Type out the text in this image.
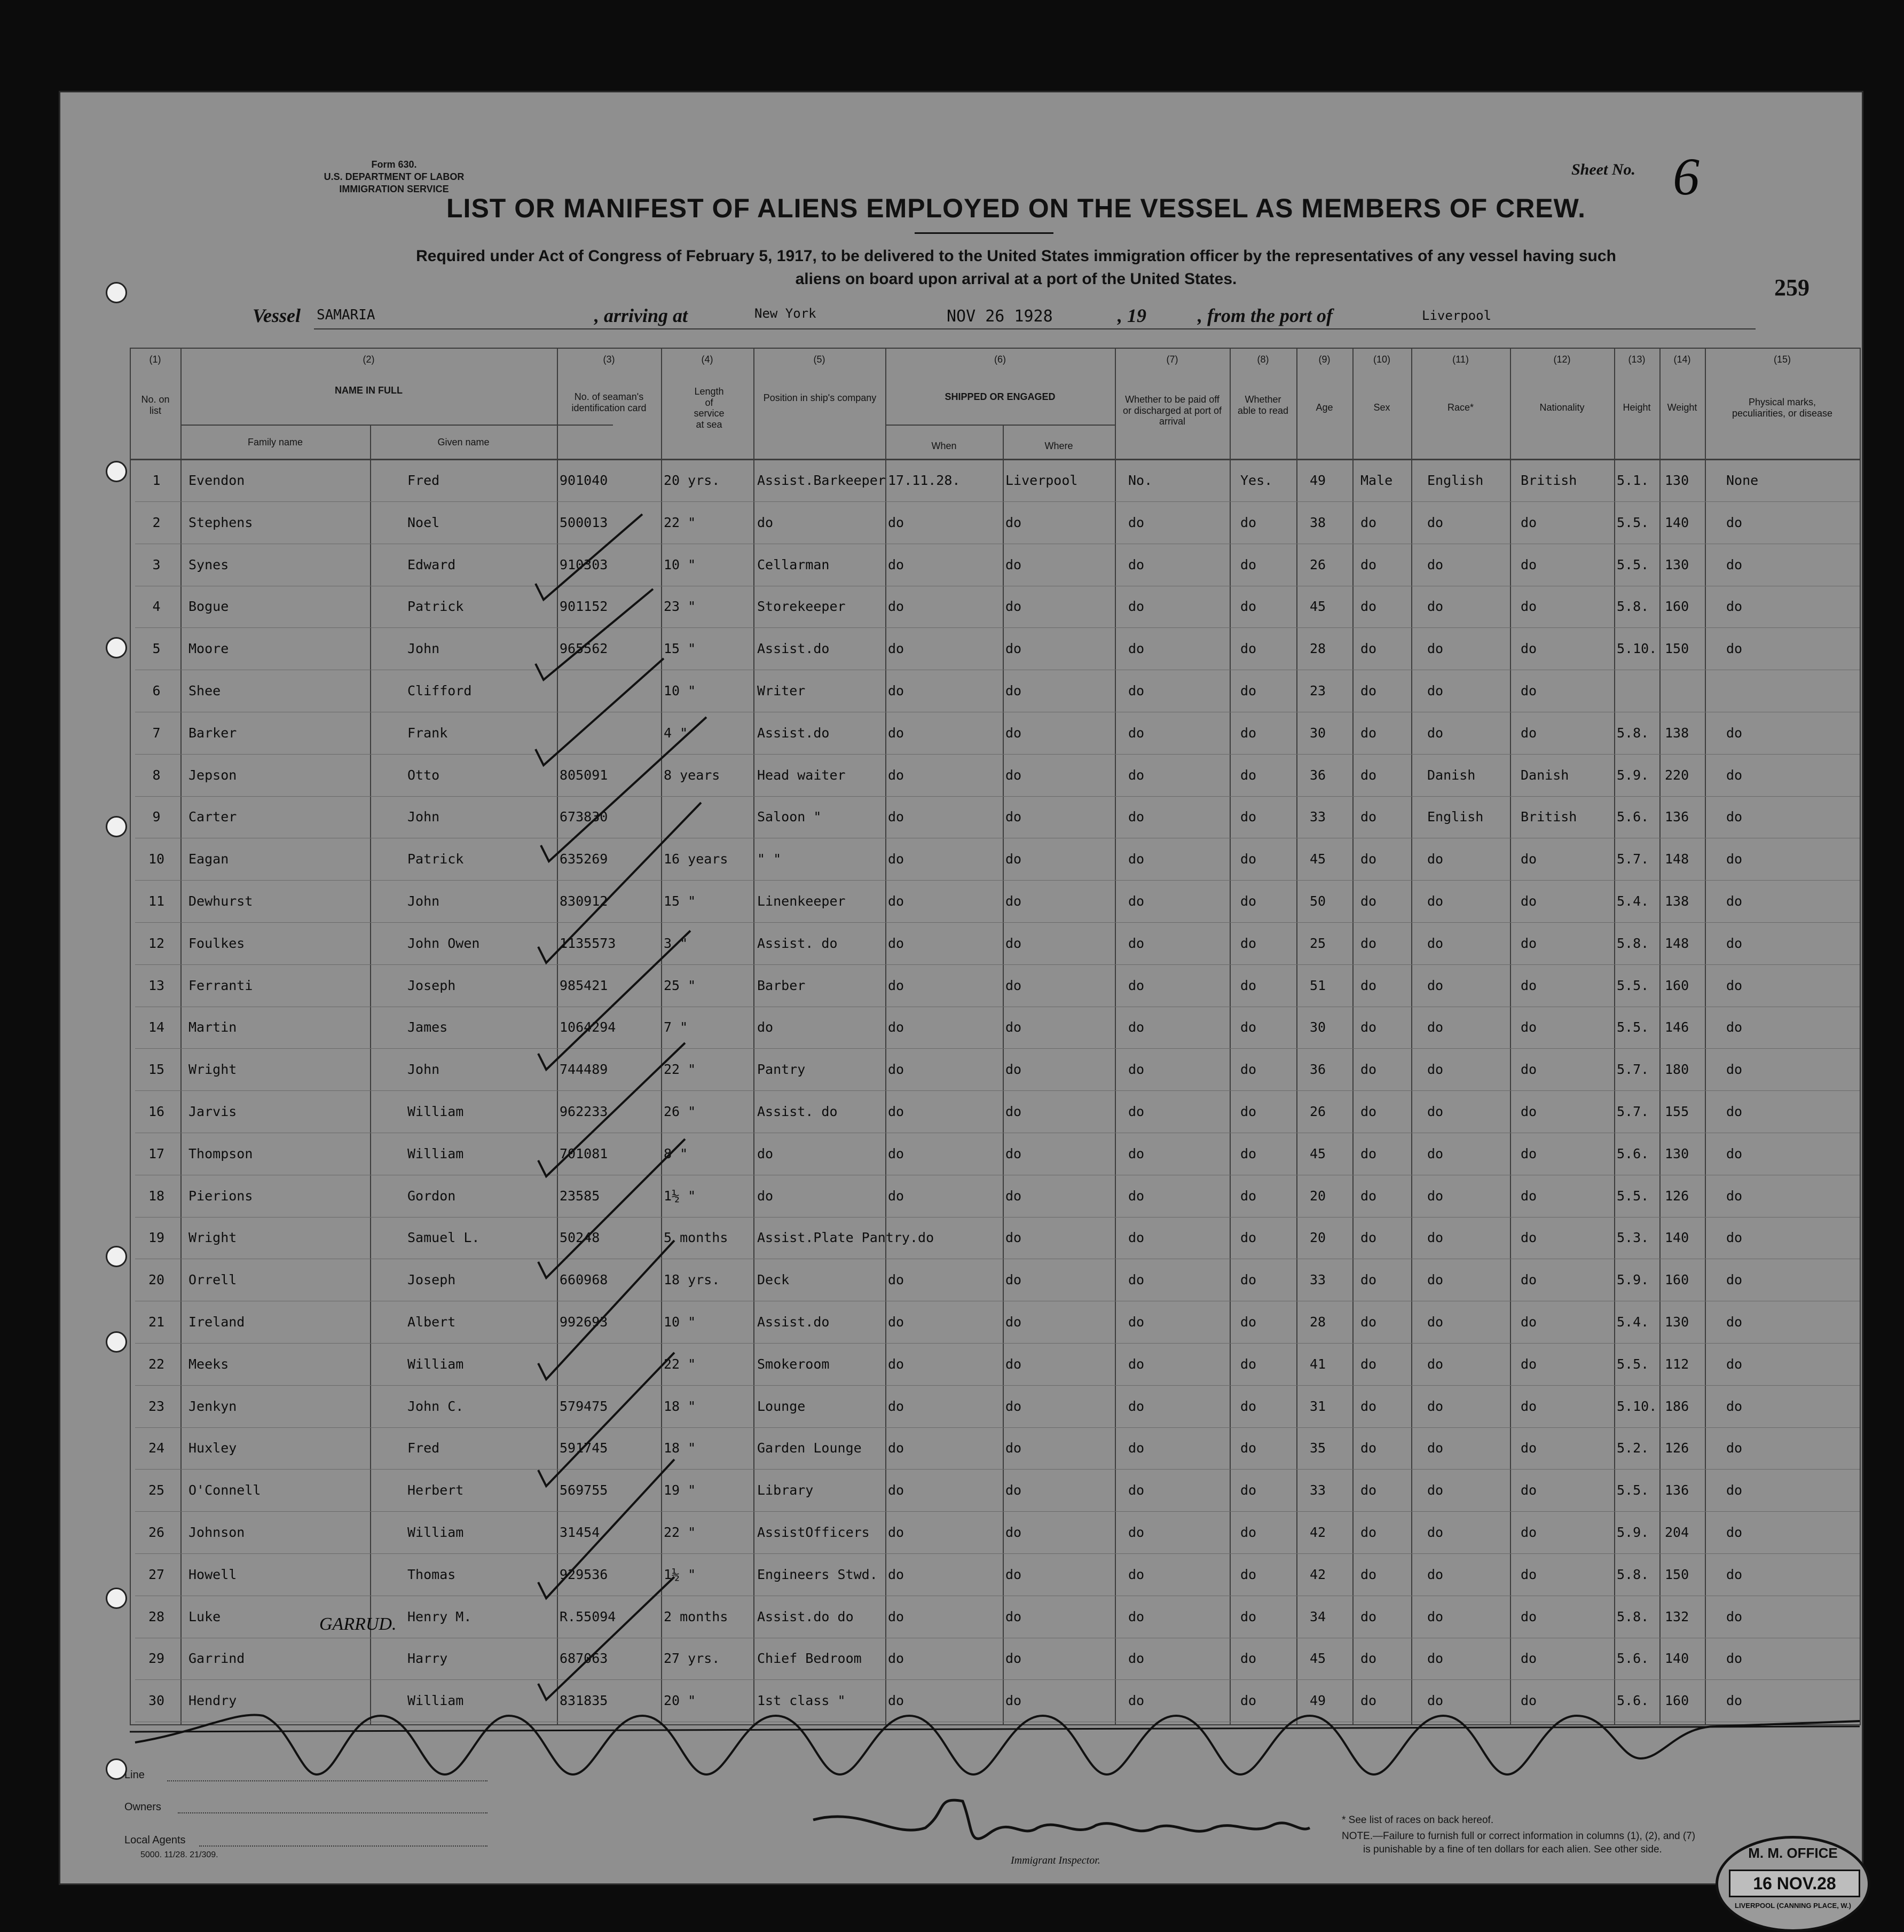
Form 630.
U.S. DEPARTMENT OF LABOR
IMMIGRATION SERVICE
Sheet No. 6
LIST OR MANIFEST OF ALIENS EMPLOYED ON THE VESSEL AS MEMBERS OF CREW.
Required under Act of Congress of February 5, 1917, to be delivered to the United States immigration officer by the representatives of any vessel having such
aliens on board upon arrival at a port of the United States.	259
Vessel SAMARIA	, arriving at	New York	NOV 26 1928	, 19	, from the port of	Liverpool
(1)	(2)	(3)	(4)	(5)	(6)	(7)	(8)	(9)	(10)	(11)	(12)	(13)	(14)	(15)
No. on list
NAME IN FULL
Family name	Given name
No. of seaman's identification card
Length of service at sea
Position in ship's company	SHIPPED OR ENGAGED
When	Where
Whether to be paid off or discharged at port of arrival
Whether able to read	Age	Sex	Race*	Nationality	Height	Weight	Physical marks, peculiarities, or disease
1	Evendon	Fred	901040	20 yrs.	Assist.Barkeeper 17.11.28.	Liverpool	No.	Yes.	49	Male	English	British	5.1.	130	None
2	Stephens	Noel	500013	22 "	do	do	do	do	do	38	do	do	do	5.5.	140	do
3	Synes	Edward	910303	10 "	Cellarman	do	do	do	do	26	do	do	do	5.5.	130	do
4	Bogue	Patrick	901152	23 "	Storekeeper	do	do	do	do	45	do	do	do	5.8.	160	do
5	Moore	John	965562	15 "	Assist.do	do	do	do	do	28	do	do	do	5.10. 150	do
6	Shee	Clifford	10 "	Writer	do	do	do	do	23	do	do	do
7	Barker	Frank	4 "	Assist.do	do	do	do	do	30	do	do	do	5.8.	138	do
8	Jepson	Otto	805091	8 years	Head waiter	do	do	do	do	36	do	Danish	Danish	5.9.	220	do
9	Carter	John	673830	Saloon "	do	do	do	do	33	do	English	British	5.6.	136	do
10	Eagan	Patrick	635269	16 years	" "	do	do	do	do	45	do	do	do	5.7.	148	do
11	Dewhurst	John	830912	15 "	Linenkeeper	do	do	do	do	50	do	do	do	5.4.	138	do
12	Foulkes	John Owen	1135573	3 "	Assist. do	do	do	do	do	25	do	do	do	5.8.	148	do
13	Ferranti	Joseph	985421	25 "	Barber	do	do	do	do	51	do	do	do	5.5.	160	do
14	Martin	James	1064294	7 "	do	do	do	do	do	30	do	do	do	5.5.	146	do
15	Wright	John	744489	22 "	Pantry	do	do	do	do	36	do	do	do	5.7.	180	do
16	Jarvis	William	962233	26 "	Assist. do	do	do	do	do	26	do	do	do	5.7.	155	do
17	Thompson	William	701081	8 "	do	do	do	do	do	45	do	do	do	5.6.	130	do
18	Pierions	Gordon	23585	1½ "	do	do	do	do	do	20	do	do	do	5.5.	126	do
19	Wright	Samuel L.	50248	5 months	Assist.Plate Pantry.do	do	do	do	20	do	do	do	5.3.	140	do
20	Orrell	Joseph	660968	18 yrs.	Deck	do	do	do	do	33	do	do	do	5.9.	160	do
21	Ireland	Albert	992693	10 "	Assist.do	do	do	do	do	28	do	do	do	5.4.	130	do
22	Meeks	William	22 "	Smokeroom	do	do	do	do	41	do	do	do	5.5.	112	do
23	Jenkyn	John C.	579475	18 "	Lounge	do	do	do	do	31	do	do	do	5.10. 186	do
24	Huxley	Fred	591745	18 "	Garden Lounge	do	do	do	do	35	do	do	do	5.2.	126	do
25	O'Connell	Herbert	569755	19 "	Library	do	do	do	do	33	do	do	do	5.5.	136	do
26	Johnson	William	31454	22 "	AssistOfficers	do	do	do	do	42	do	do	do	5.9.	204	do
27	Howell	Thomas	929536	1½ "	Engineers Stwd. do	do	do	do	42	do	do	do	5.8.	150	do
28	Luke	Henry M.	R.55094	2 months	Assist.do do	do	do	do	do	34	do	do	do	5.8.	132	do
29	Garrind	Harry	687063	27 yrs.	Chief Bedroom	do	do	do	do	45	do	do	do	5.6.	140	do
30	Hendry	William	831835	20 "	1st class "	do	do	do	do	49	do	do	do	5.6.	160	do
GARRUD.
Line
Owners
Local Agents
5000. 11/28. 21/309.	Immigrant Inspector.
* See list of races on back hereof.
NOTE.—Failure to furnish full or correct information in columns (1), (2), and (7)
is punishable by a fine of ten dollars for each alien. See other side.	M. M. OFFICE
16 NOV.28
LIVERPOOL (CANNING PLACE, W.)
